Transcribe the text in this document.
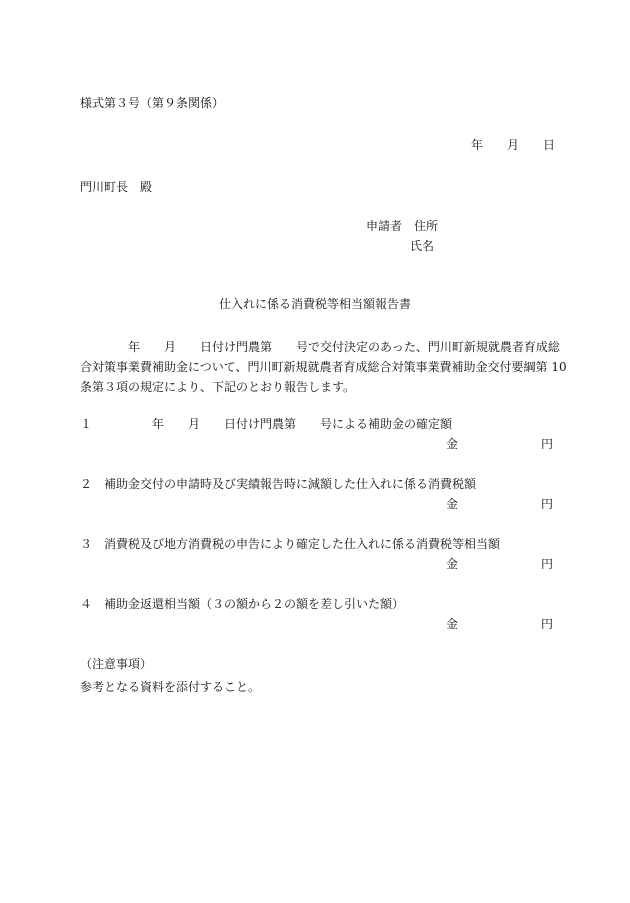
様式第３号（第９条関係）
年　　月　　日
門川町長　殿
申請者　住所
氏名
仕入れに係る消費税等相当額報告書
　　　　年　　月　　日付け門農第　　号で交付決定のあった、門川町新規就農者育成総
合対策事業費補助金について、門川町新規就農者育成総合対策事業費補助金交付要綱第 10
条第３項の規定により、下記のとおり報告します。
１　　　　　年　　月　　日付け門農第　　号による補助金の確定額
金	円
２　補助金交付の申請時及び実績報告時に減額した仕入れに係る消費税額
金	円
３　消費税及び地方消費税の申告により確定した仕入れに係る消費税等相当額
金	円
４　補助金返還相当額（３の額から２の額を差し引いた額）
金	円
（注意事項）
参考となる資料を添付すること。
